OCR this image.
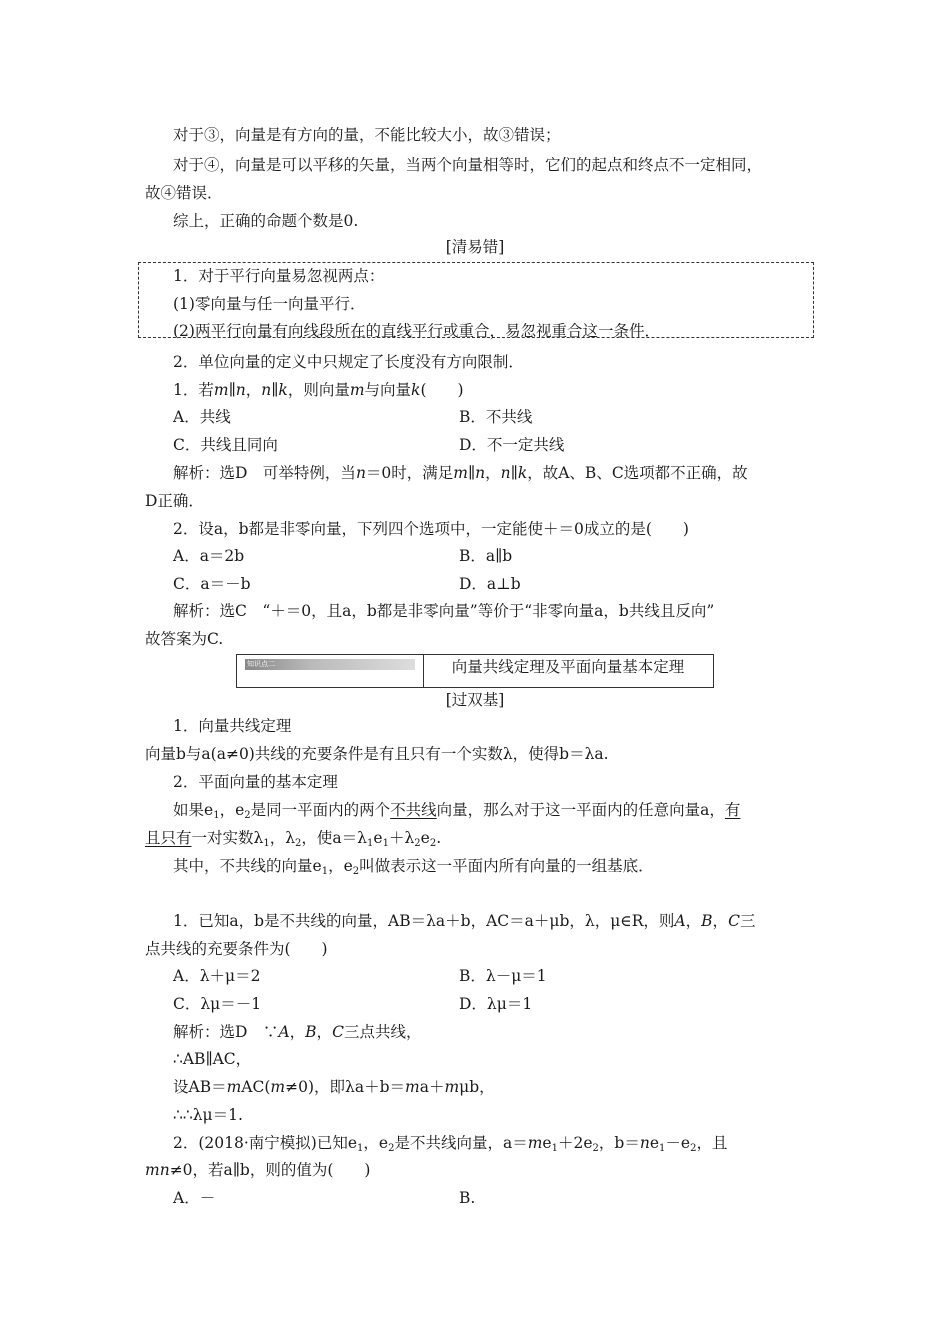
对于③，向量是有方向的量，不能比较大小，故③错误；
对于④，向量是可以平移的矢量，当两个向量相等时，它们的起点和终点不一定相同，
故④错误．
综上，正确的命题个数是0.
[清易错]
1．对于平行向量易忽视两点：
(1)零向量与任一向量平行．
(2)两平行向量有向线段所在的直线平行或重合，易忽视重合这一条件．
2．单位向量的定义中只规定了长度没有方向限制．
1．若m∥n，n∥k，则向量m与向量k(　　)
A．共线	B．不共线
C．共线且同向	D．不一定共线
解析：选D　可举特例，当n＝0时，满足m∥n，n∥k，故A、B、C选项都不正确，故
D正确．
2．设a，b都是非零向量，下列四个选项中，一定能使＋＝0成立的是(　　)
A．a＝2b	B．a∥b
C．a＝－b	D．a⊥b
解析：选C　“＋＝0，且a，b都是非零向量”等价于“非零向量a，b共线且反向”
故答案为C.
知识点二	向量共线定理及平面向量基本定理
[过双基]
1．向量共线定理
向量b与a(a≠0)共线的充要条件是有且只有一个实数λ，使得b＝λa.
2．平面向量的基本定理
如果$e_1$，$e_2$是同一平面内的两个不共线向量，那么对于这一平面内的任意向量a，有
且只有一对实数$\lambda_1$，$\lambda_2$，使$a=\lambda_1e_1+\lambda_2e_2$.
其中，不共线的向量$e_1$，$e_2$叫做表示这一平面内所有向量的一组基底．
1．已知a，b是不共线的向量，AB＝λa＋b，AC＝a＋μb，λ，μ∈R，则A，B，C三
点共线的充要条件为(　　)
A．λ＋μ＝2	B．λ－μ＝1
C．λμ＝－1	D．λμ＝1
解析：选D　∵A，B，C三点共线，
∴AB∥AC，
设AB＝mAC(m≠0)，即λa＋b＝ma＋mμb，
∴∴λμ＝1.
2．(2018·南宁模拟)已知$e_1$，$e_2$是不共线向量，$a=me_1+2e_2$，$b=ne_1-e_2$，且
mn≠0，若a∥b，则的值为(　　)
A．－	B.
